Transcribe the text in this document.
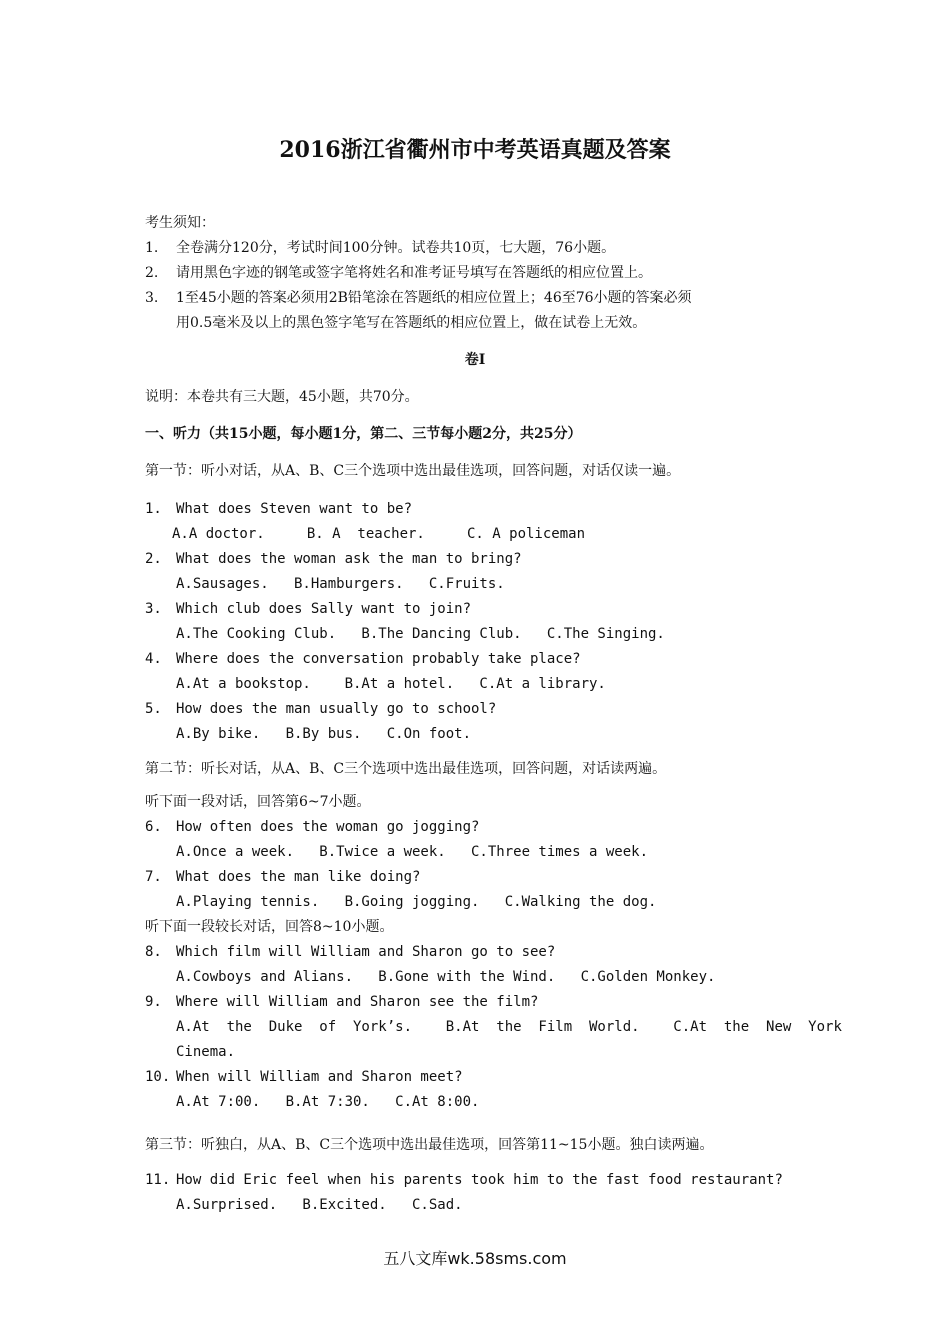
2016浙江省衢州市中考英语真题及答案
考生须知：
1. 全卷满分120分，考试时间100分钟。试卷共10页，七大题，76小题。
2. 请用黑色字迹的钢笔或签字笔将姓名和准考证号填写在答题纸的相应位置上。
3. 1至45小题的答案必须用2B铅笔涂在答题纸的相应位置上；46至76小题的答案必须
用0.5毫米及以上的黑色签字笔写在答题纸的相应位置上，做在试卷上无效。
卷Ⅰ
说明：本卷共有三大题，45小题，共70分。
一、听力（共15小题，每小题1分，第二、三节每小题2分，共25分）
第一节：听小对话，从A、B、C三个选项中选出最佳选项，回答问题，对话仅读一遍。
1. What does Steven want to be?
A.A doctor.     B. A  teacher.     C. A policeman
2. What does the woman ask the man to bring?
A.Sausages.   B.Hamburgers.   C.Fruits.
3. Which club does Sally want to join?
A.The Cooking Club.   B.The Dancing Club.   C.The Singing.
4. Where does the conversation probably take place?
A.At a bookstop.    B.At a hotel.   C.At a library.
5. How does the man usually go to school?
A.By bike.   B.By bus.   C.On foot.
第二节：听长对话，从A、B、C三个选项中选出最佳选项，回答问题，对话读两遍。
听下面一段对话，回答第6~7小题。
6. How often does the woman go jogging?
A.Once a week.   B.Twice a week.   C.Three times a week.
7. What does the man like doing?
A.Playing tennis.   B.Going jogging.   C.Walking the dog.
听下面一段较长对话，回答8~10小题。
8. Which film will William and Sharon go to see?
A.Cowboys and Alians.   B.Gone with the Wind.   C.Golden Monkey.
9. Where will William and Sharon see the film?
A.At  the  Duke  of  York’s.    B.At  the  Film  World.    C.At  the  New  York
Cinema.
10. When will William and Sharon meet?
A.At 7:00.   B.At 7:30.   C.At 8:00.
第三节：听独白，从A、B、C三个选项中选出最佳选项，回答第11~15小题。独白读两遍。
11. How did Eric feel when his parents took him to the fast food restaurant?
A.Surprised.   B.Excited.   C.Sad.
五八文库wk.58sms.com
